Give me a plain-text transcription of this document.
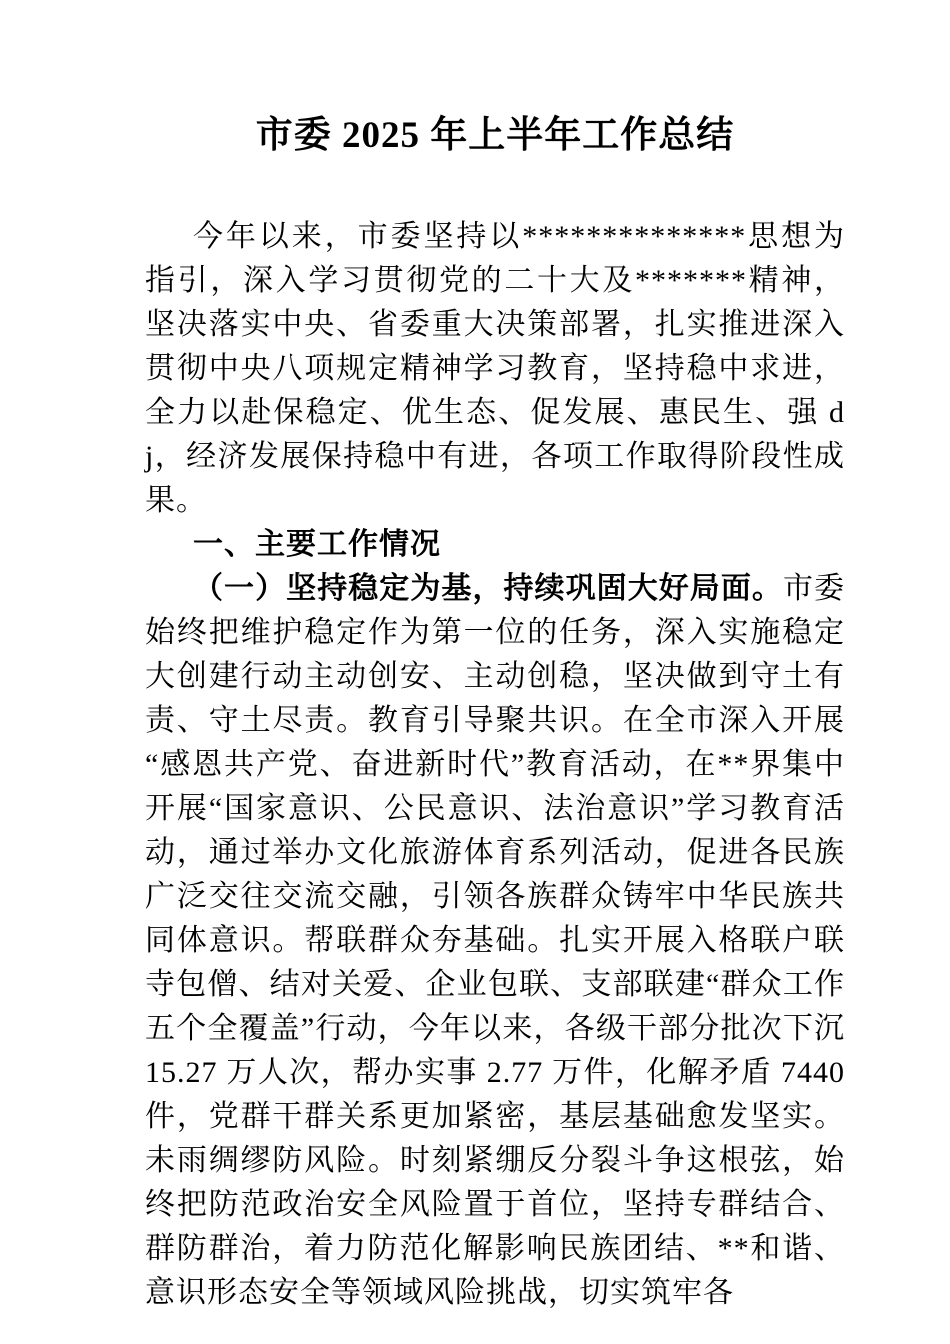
市委 2025 年上半年工作总结

今年以来，市委坚持以**************思想为指引，深入学习贯彻党的二十大及*******精神，坚决落实中央、省委重大决策部署，扎实推进深入贯彻中央八项规定精神学习教育，坚持稳中求进，全力以赴保稳定、优生态、促发展、惠民生、强 dj，经济发展保持稳中有进，各项工作取得阶段性成果。

一、主要工作情况

（一）坚持稳定为基，持续巩固大好局面。市委始终把维护稳定作为第一位的任务，深入实施稳定大创建行动主动创安、主动创稳，坚决做到守土有责、守土尽责。教育引导聚共识。在全市深入开展“感恩共产党、奋进新时代”教育活动，在**界集中开展“国家意识、公民意识、法治意识”学习教育活动，通过举办文化旅游体育系列活动，促进各民族广泛交往交流交融，引领各族群众铸牢中华民族共同体意识。帮联群众夯基础。扎实开展入格联户联寺包僧、结对关爱、企业包联、支部联建“群众工作五个全覆盖”行动，今年以来，各级干部分批次下沉 15.27 万人次，帮办实事 2.77 万件，化解矛盾 7440 件，党群干群关系更加紧密，基层基础愈发坚实。未雨绸缪防风险。时刻紧绷反分裂斗争这根弦，始终把防范政治安全风险置于首位，坚持专群结合、群防群治，着力防范化解影响民族团结、**和谐、意识形态安全等领域风险挑战，切实筑牢各
